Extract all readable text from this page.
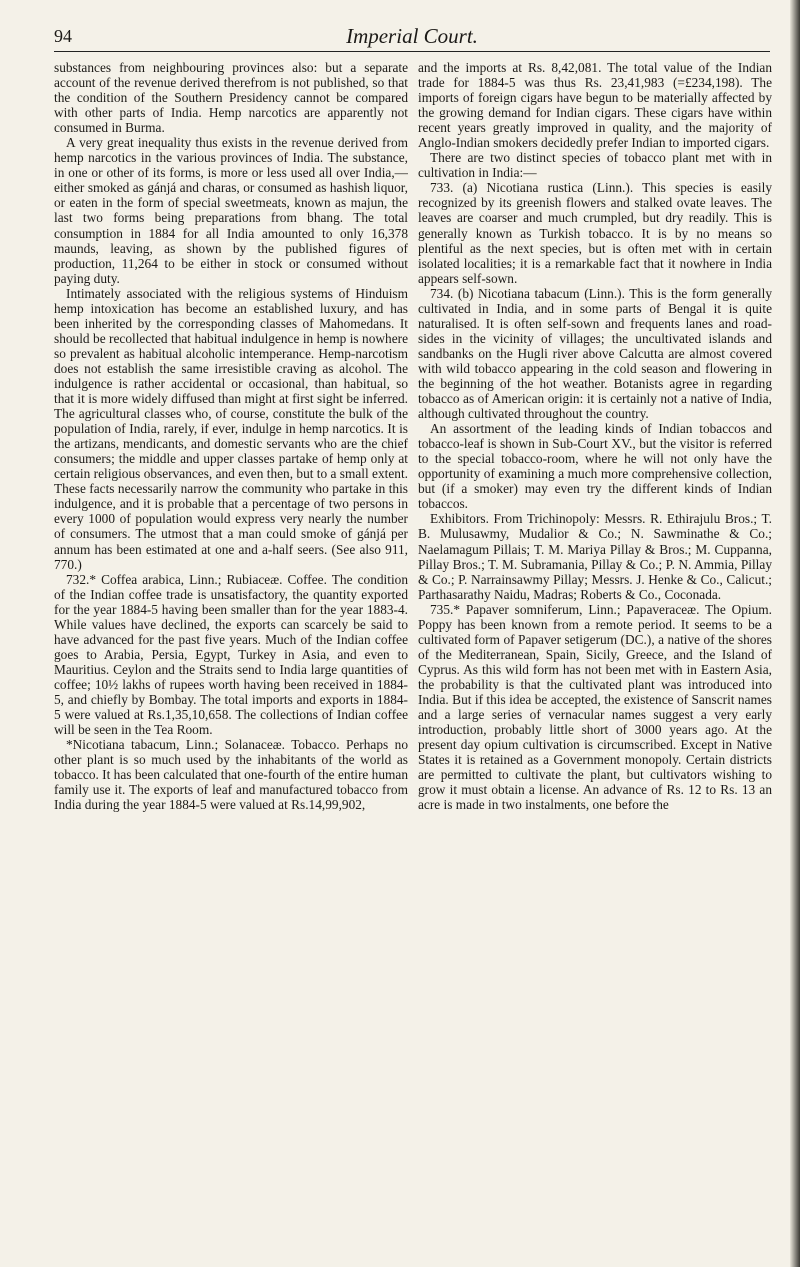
94	Imperial Court.

substances from neighbouring provinces also: but a separate account of the revenue derived therefrom is not published, so that the condition of the Southern Presidency cannot be compared with other parts of India. Hemp narcotics are apparently not consumed in Burma.

A very great inequality thus exists in the revenue derived from hemp narcotics in the various provinces of India. The substance, in one or other of its forms, is more or less used all over India,—either smoked as gánjá and charas, or consumed as hashish liquor, or eaten in the form of special sweetmeats, known as majun, the last two forms being preparations from bhang. The total consumption in 1884 for all India amounted to only 16,378 maunds, leaving, as shown by the published figures of production, 11,264 to be either in stock or consumed without paying duty.

Intimately associated with the religious systems of Hinduism hemp intoxication has become an established luxury, and has been inherited by the corresponding classes of Mahomedans. It should be recollected that habitual indulgence in hemp is nowhere so prevalent as habitual alcoholic intemperance. Hemp-narcotism does not establish the same irresistible craving as alcohol. The indulgence is rather accidental or occasional, than habitual, so that it is more widely diffused than might at first sight be inferred. The agricultural classes who, of course, constitute the bulk of the population of India, rarely, if ever, indulge in hemp narcotics. It is the artizans, mendicants, and domestic servants who are the chief consumers; the middle and upper classes partake of hemp only at certain religious observances, and even then, but to a small extent. These facts necessarily narrow the community who partake in this indulgence, and it is probable that a percentage of two persons in every 1000 of population would express very nearly the number of consumers. The utmost that a man could smoke of gánjá per annum has been estimated at one and a-half seers. (See also 911, 770.)

732.* Coffea arabica, Linn.; Rubiaceæ. Coffee. The condition of the Indian coffee trade is unsatisfactory, the quantity exported for the year 1884-5 having been smaller than for the year 1883-4. While values have declined, the exports can scarcely be said to have advanced for the past five years. Much of the Indian coffee goes to Arabia, Persia, Egypt, Turkey in Asia, and even to Mauritius. Ceylon and the Straits send to India large quantities of coffee; 10½ lakhs of rupees worth having been received in 1884-5, and chiefly by Bombay. The total imports and exports in 1884-5 were valued at Rs.1,35,10,658. The collections of Indian coffee will be seen in the Tea Room.

*Nicotiana tabacum, Linn.; Solanaceæ. Tobacco. Perhaps no other plant is so much used by the inhabitants of the world as tobacco. It has been calculated that one-fourth of the entire human family use it. The exports of leaf and manufactured tobacco from India during the year 1884-5 were valued at Rs.14,99,902,

and the imports at Rs. 8,42,081. The total value of the Indian trade for 1884-5 was thus Rs. 23,41,983 (=£234,198). The imports of foreign cigars have begun to be materially affected by the growing demand for Indian cigars. These cigars have within recent years greatly improved in quality, and the majority of Anglo-Indian smokers decidedly prefer Indian to imported cigars.

There are two distinct species of tobacco plant met with in cultivation in India:—

733. (a) Nicotiana rustica (Linn.). This species is easily recognized by its greenish flowers and stalked ovate leaves. The leaves are coarser and much crumpled, but dry readily. This is generally known as Turkish tobacco. It is by no means so plentiful as the next species, but is often met with in certain isolated localities; it is a remarkable fact that it nowhere in India appears self-sown.

734. (b) Nicotiana tabacum (Linn.). This is the form generally cultivated in India, and in some parts of Bengal it is quite naturalised. It is often self-sown and frequents lanes and road-sides in the vicinity of villages; the uncultivated islands and sandbanks on the Hugli river above Calcutta are almost covered with wild tobacco appearing in the cold season and flowering in the beginning of the hot weather. Botanists agree in regarding tobacco as of American origin: it is certainly not a native of India, although cultivated throughout the country.

An assortment of the leading kinds of Indian tobaccos and tobacco-leaf is shown in Sub-Court XV., but the visitor is referred to the special tobacco-room, where he will not only have the opportunity of examining a much more comprehensive collection, but (if a smoker) may even try the different kinds of Indian tobaccos.

Exhibitors. From Trichinopoly: Messrs. R. Ethirajulu Bros.; T. B. Mulusawmy, Mudalior & Co.; N. Sawminathe & Co.; Naelamagum Pillais; T. M. Mariya Pillay & Bros.; M. Cuppanna, Pillay Bros.; T. M. Subramania, Pillay & Co.; P. N. Ammia, Pillay & Co.; P. Narrainsawmy Pillay; Messrs. J. Henke & Co., Calicut.; Parthasarathy Naidu, Madras; Roberts & Co., Coconada.

735.* Papaver somniferum, Linn.; Papaveraceæ. The Opium. Poppy has been known from a remote period. It seems to be a cultivated form of Papaver setigerum (DC.), a native of the shores of the Mediterranean, Spain, Sicily, Greece, and the Island of Cyprus. As this wild form has not been met with in Eastern Asia, the probability is that the cultivated plant was introduced into India. But if this idea be accepted, the existence of Sanscrit names and a large series of vernacular names suggest a very early introduction, probably little short of 3000 years ago. At the present day opium cultivation is circumscribed. Except in Native States it is retained as a Government monopoly. Certain districts are permitted to cultivate the plant, but cultivators wishing to grow it must obtain a license. An advance of Rs. 12 to Rs. 13 an acre is made in two instalments, one before the
